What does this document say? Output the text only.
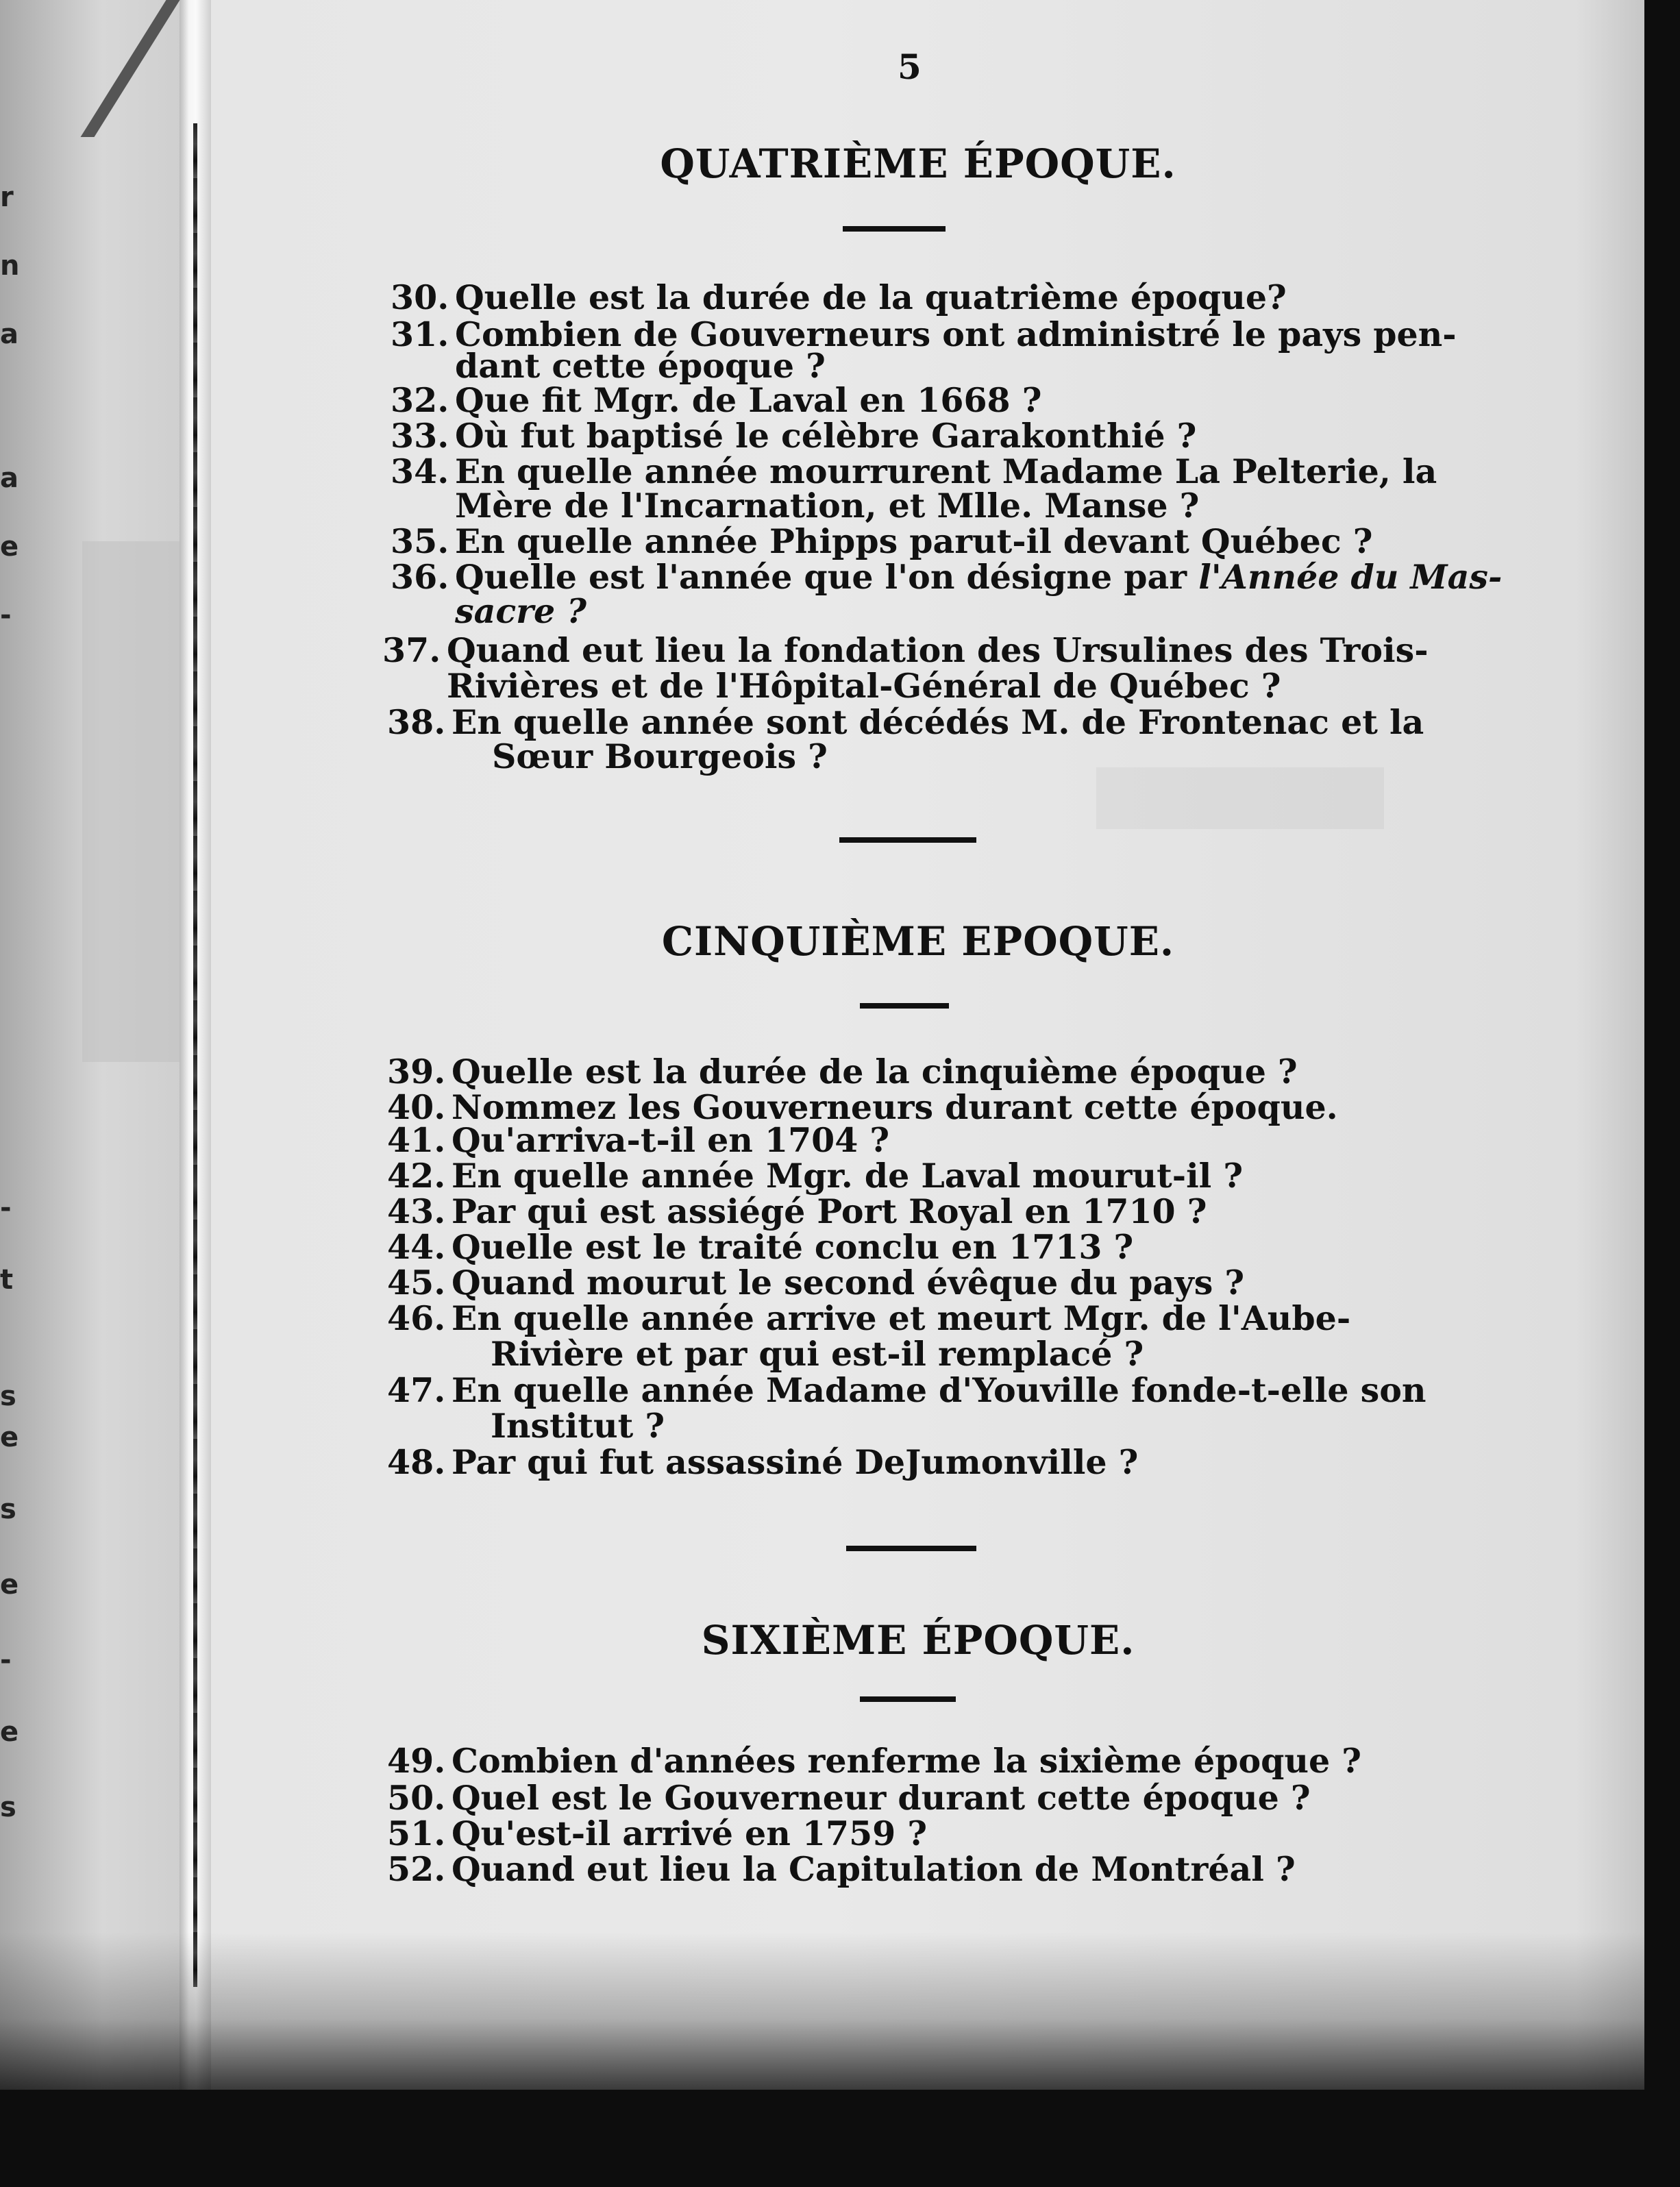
r
n
a
a
e
-
-
t
s
e
s
e
-
e
s
5
QUATRIÈME ÉPOQUE.
30. Quelle est la durée de la quatrième époque?
31. Combien de Gouverneurs ont administré le pays pen-
dant cette époque ?
32. Que fit Mgr. de Laval en 1668 ?
33. Où fut baptisé le célèbre Garakonthié ?
34. En quelle année mourrurent Madame La Pelterie, la
Mère de l'Incarnation, et Mlle. Manse ?
35. En quelle année Phipps parut-il devant Québec ?
36. Quelle est l'année que l'on désigne par l'Année du Mas-
sacre ?
37. Quand eut lieu la fondation des Ursulines des Trois-
Rivières et de l'Hôpital-Général de Québec ?
38. En quelle année sont décédés M. de Frontenac et la
Sœur Bourgeois ?
CINQUIÈME EPOQUE.
39. Quelle est la durée de la cinquième époque ?
40. Nommez les Gouverneurs durant cette époque.
41. Qu'arriva-t-il en 1704 ?
42. En quelle année Mgr. de Laval mourut-il ?
43. Par qui est assiégé Port Royal en 1710 ?
44. Quelle est le traité conclu en 1713 ?
45. Quand mourut le second évêque du pays ?
46. En quelle année arrive et meurt Mgr. de l'Aube-
Rivière et par qui est-il remplacé ?
47. En quelle année Madame d'Youville fonde-t-elle son
Institut ?
48. Par qui fut assassiné DeJumonville ?
SIXIÈME ÉPOQUE.
49. Combien d'années renferme la sixième époque ?
50. Quel est le Gouverneur durant cette époque ?
51. Qu'est-il arrivé en 1759 ?
52. Quand eut lieu la Capitulation de Montréal ?
